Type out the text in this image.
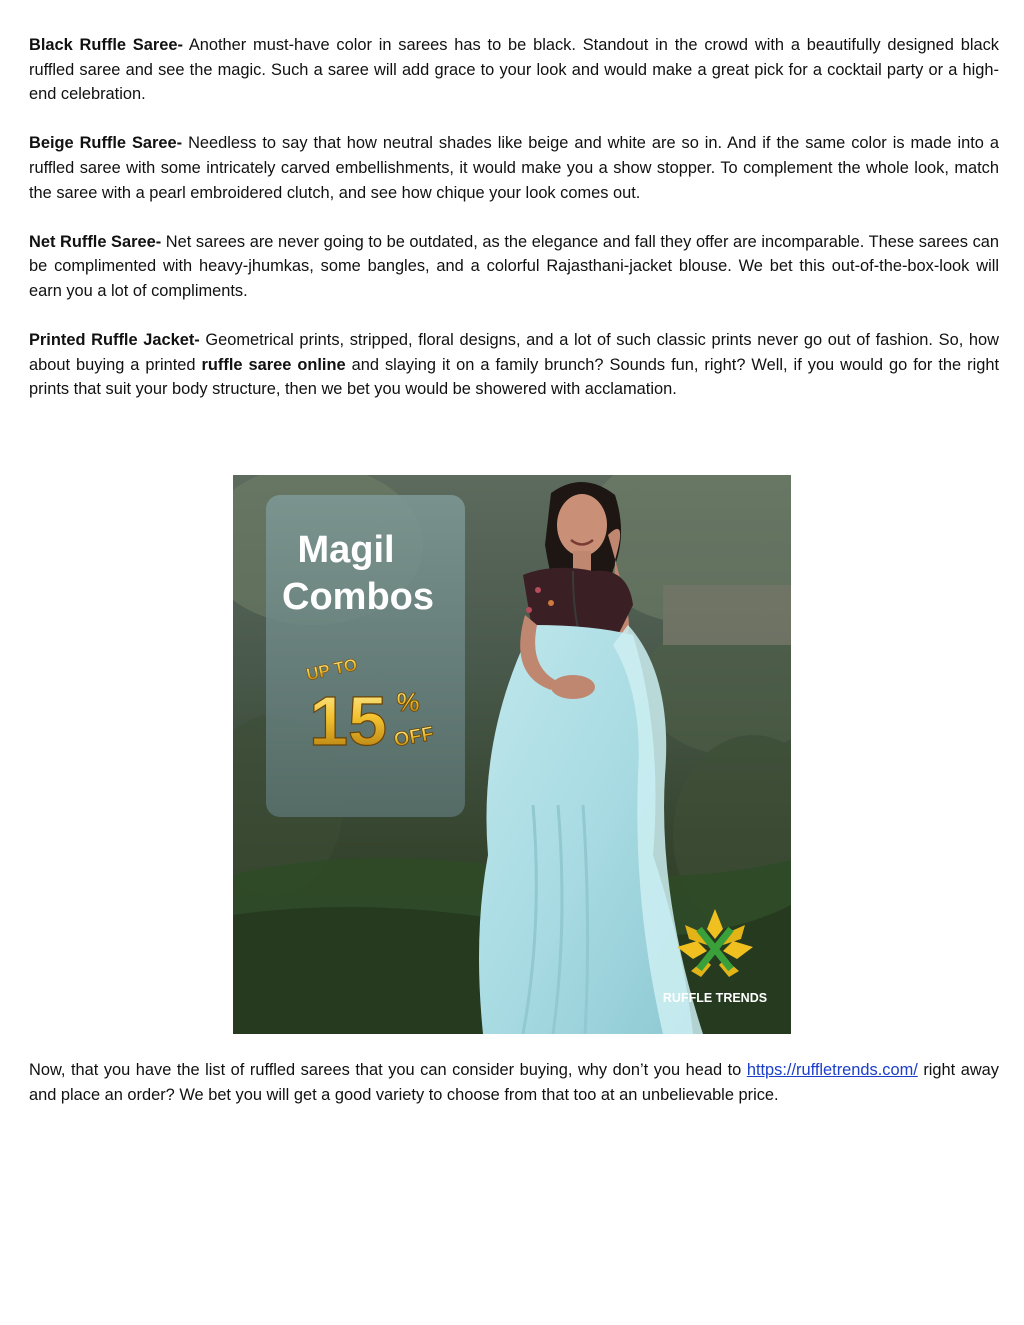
Black Ruffle Saree- Another must-have color in sarees has to be black. Standout in the crowd with a beautifully designed black ruffled saree and see the magic. Such a saree will add grace to your look and would make a great pick for a cocktail party or a high-end celebration.

Beige Ruffle Saree- Needless to say that how neutral shades like beige and white are so in. And if the same color is made into a ruffled saree with some intricately carved embellishments, it would make you a show stopper. To complement the whole look, match the saree with a pearl embroidered clutch, and see how chique your look comes out.

Net Ruffle Saree- Net sarees are never going to be outdated, as the elegance and fall they offer are incomparable. These sarees can be complimented with heavy-jhumkas, some bangles, and a colorful Rajasthani-jacket blouse. We bet this out-of-the-box-look will earn you a lot of compliments.

Printed Ruffle Jacket- Geometrical prints, stripped, floral designs, and a lot of such classic prints never go out of fashion. So, how about buying a printed ruffle saree online and slaying it on a family brunch? Sounds fun, right? Well, if you would go for the right prints that suit your body structure, then we bet you would be showered with acclamation.

Magil
Combos
UP TO
15 %
OFF
RUFFLE TRENDS

Now, that you have the list of ruffled sarees that you can consider buying, why don’t you head to https://ruffletrends.com/ right away and place an order? We bet you will get a good variety to choose from that too at an unbelievable price.
